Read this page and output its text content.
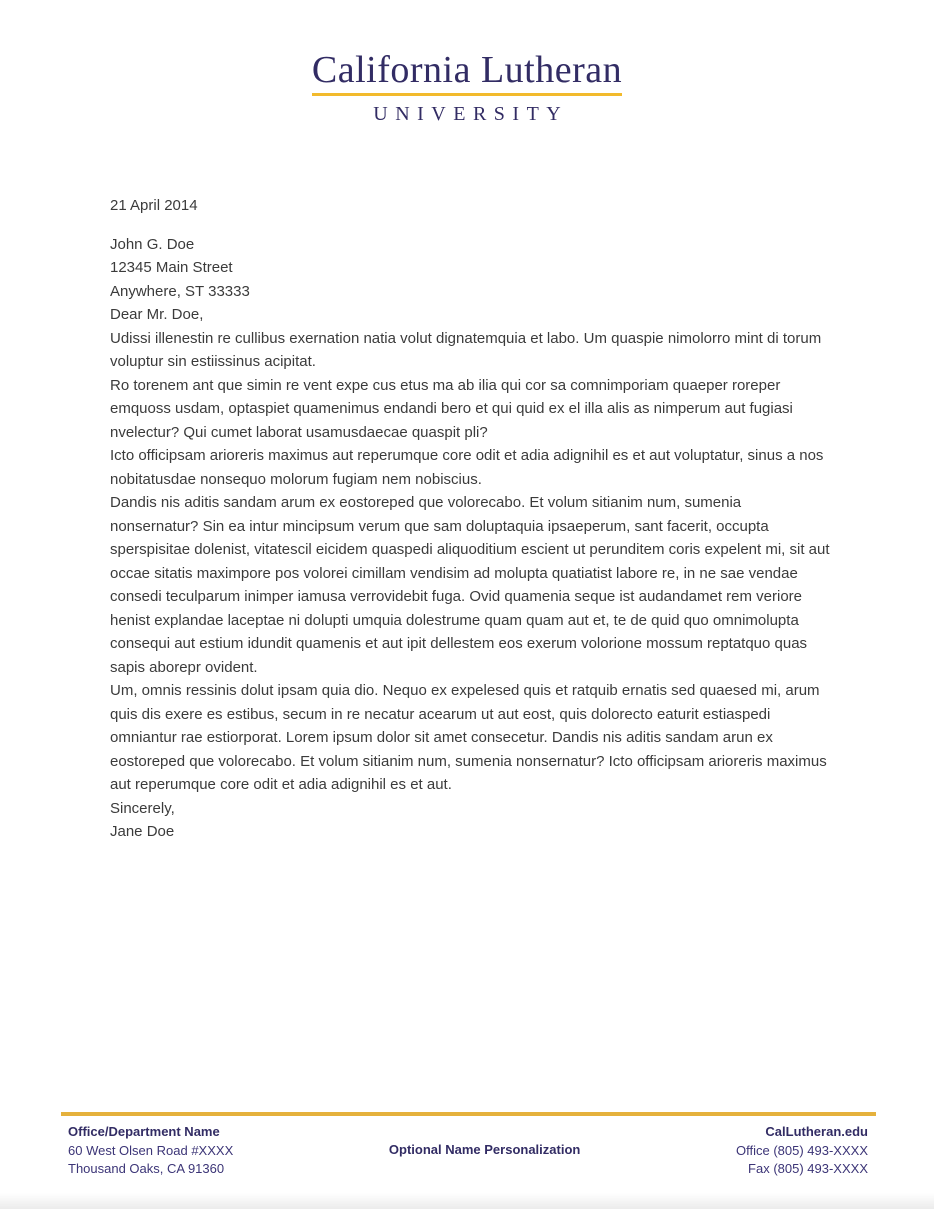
California Lutheran
UNIVERSITY

21 April 2014

John G. Doe

12345 Main Street

Anywhere, ST 33333

Dear Mr. Doe,

Udissi illenestin re cullibus exernation natia volut dignatemquia et labo. Um quaspie nimolorro mint di torum voluptur sin estiissinus acipitat.

Ro torenem ant que simin re vent expe cus etus ma ab ilia qui cor sa comnimporiam quaeper roreper emquoss usdam, optaspiet quamenimus endandi bero et qui quid ex el illa alis as nimperum aut fugiasi nvelectur? Qui cumet laborat usamusdaecae quaspit pli?

Icto officipsam arioreris maximus aut reperumque core odit et adia adignihil es et aut voluptatur, sinus a nos nobitatusdae nonsequo molorum fugiam nem nobiscius.

Dandis nis aditis sandam arum ex eostoreped que volorecabo. Et volum sitianim num, sumenia nonsernatur? Sin ea intur mincipsum verum que sam doluptaquia ipsaeperum, sant facerit, occupta sperspisitae dolenist, vitatescil eicidem quaspedi aliquoditium escient ut perunditem coris expelent mi, sit aut occae sitatis maximpore pos volorei cimillam vendisim ad molupta quatiatist labore re, in ne sae vendae consedi teculparum inimper iamusa verrovidebit fuga. Ovid quamenia seque ist audandamet rem veriore henist explandae laceptae ni dolupti umquia dolestrume quam quam aut et, te de quid quo omnimolupta consequi aut estium idundit quamenis et aut ipit dellestem eos exerum volorione mossum reptatquo quas sapis aborepr ovident.

Um, omnis ressinis dolut ipsam quia dio. Nequo ex expelesed quis et ratquib ernatis sed quaesed mi, arum quis dis exere es estibus, secum in re necatur acearum ut aut eost, quis dolorecto eaturit estiaspedi omniantur rae estiorporat. Lorem ipsum dolor sit amet consecetur. Dandis nis aditis sandam arun ex eostoreped que volorecabo. Et volum sitianim num, sumenia nonsernatur? Icto officipsam arioreris maximus aut reperumque core odit et adia adignihil es et aut.

Sincerely,

Jane Doe

Office/Department Name
60 West Olsen Road #XXXX
Thousand Oaks, CA 91360
Optional Name Personalization
CalLutheran.edu
Office (805) 493-XXXX
Fax (805) 493-XXXX
